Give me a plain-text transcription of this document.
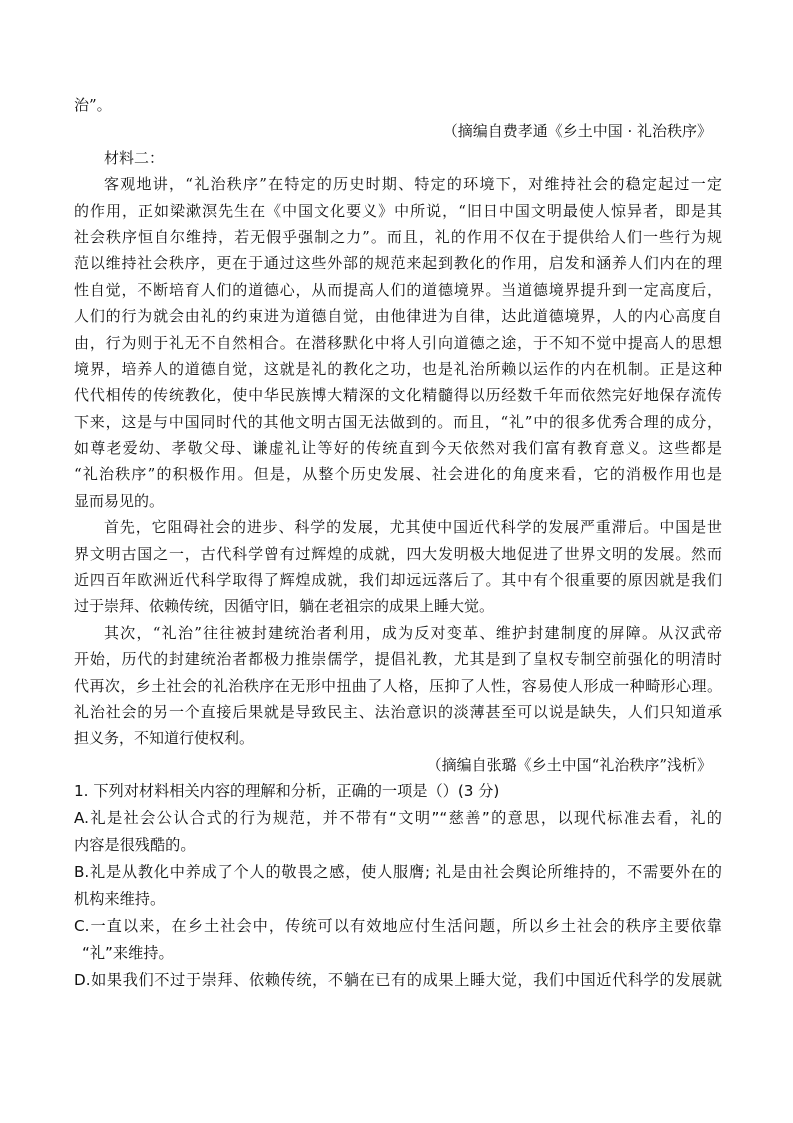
治”。
（摘编自费孝通《乡土中国 · 礼治秩序》
材料二：
客观地讲，“礼治秩序”在特定的历史时期、特定的环境下，对维持社会的稳定起过一定
的作用，正如梁漱溟先生在《中国文化要义》中所说，“旧日中国文明最使人惊异者，即是其
社会秩序恒自尔维持，若无假乎强制之力”。而且，礼的作用不仅在于提供给人们一些行为规
范以维持社会秩序，更在于通过这些外部的规范来起到教化的作用，启发和涵养人们内在的理
性自觉，不断培育人们的道德心，从而提高人们的道德境界。当道德境界提升到一定高度后，
人们的行为就会由礼的约束进为道德自觉，由他律进为自律，达此道德境界，人的内心高度自
由，行为则于礼无不自然相合。在潜移默化中将人引向道德之途，于不知不觉中提高人的思想
境界，培养人的道德自觉，这就是礼的教化之功，也是礼治所赖以运作的内在机制。正是这种
代代相传的传统教化，使中华民族博大精深的文化精髓得以历经数千年而依然完好地保存流传
下来，这是与中国同时代的其他文明古国无法做到的。而且，“礼”中的很多优秀合理的成分，
如尊老爱幼、孝敬父母、谦虚礼让等好的传统直到今天依然对我们富有教育意义。这些都是
“礼治秩序”的积极作用。但是，从整个历史发展、社会进化的角度来看，它的消极作用也是
显而易见的。
首先，它阻碍社会的进步、科学的发展，尤其使中国近代科学的发展严重滞后。中国是世
界文明古国之一，古代科学曾有过辉煌的成就，四大发明极大地促进了世界文明的发展。然而
近四百年欧洲近代科学取得了辉煌成就，我们却远远落后了。其中有个很重要的原因就是我们
过于崇拜、依赖传统，因循守旧，躺在老祖宗的成果上睡大觉。
其次，“礼治”往往被封建统治者利用，成为反对变革、维护封建制度的屏障。从汉武帝
开始，历代的封建统治者都极力推崇儒学，提倡礼教，尤其是到了皇权专制空前强化的明清时
代再次，乡土社会的礼治秩序在无形中扭曲了人格，压抑了人性，容易使人形成一种畸形心理。
礼治社会的另一个直接后果就是导致民主、法治意识的淡薄甚至可以说是缺失，人们只知道承
担义务，不知道行使权利。
（摘编自张璐《乡土中国“礼治秩序”浅析》
1. 下列对材料相关内容的理解和分析，正确的一项是（）(3 分)
A.礼是社会公认合式的行为规范，并不带有“文明”“慈善”的意思，以现代标准去看，礼的
内容是很残酷的。
B.礼是从教化中养成了个人的敬畏之感，使人服膺; 礼是由社会舆论所维持的，不需要外在的
机构来维持。
C.一直以来，在乡土社会中，传统可以有效地应付生活问题，所以乡土社会的秩序主要依靠
“礼”来维持。
D.如果我们不过于崇拜、依赖传统，不躺在已有的成果上睡大觉，我们中国近代科学的发展就
